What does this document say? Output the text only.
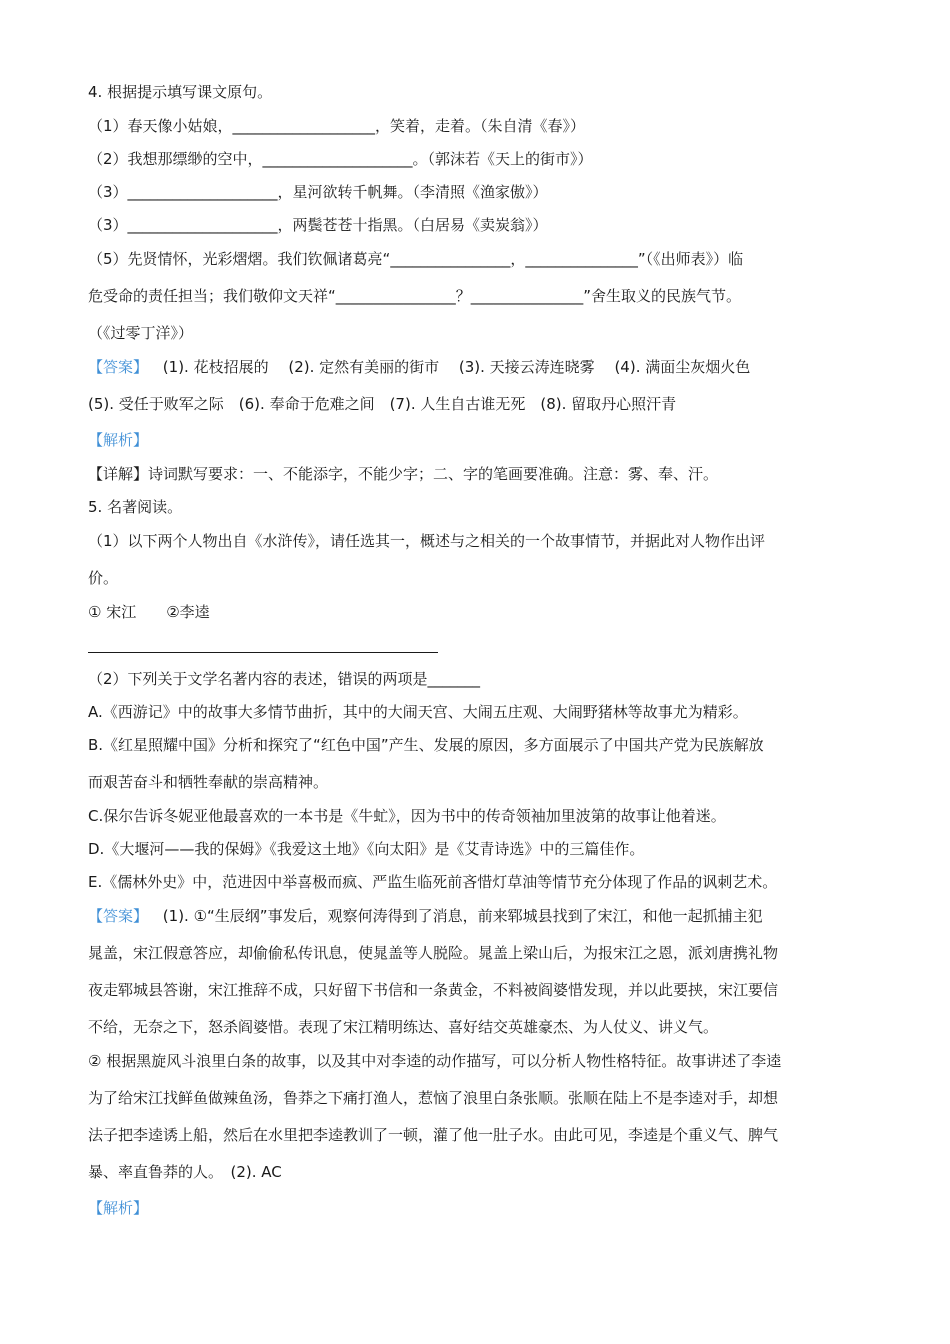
4. 根据提示填写课文原句。
（1）春天像小姑娘，___________________，笑着，走着。（朱自清《春》）
（2）我想那缥缈的空中，____________________。（郭沫若《天上的街市》）
（3）____________________，星河欲转千帆舞。（李清照《渔家傲》）
（3）____________________，两鬓苍苍十指黑。（白居易《卖炭翁》）
（5）先贤情怀，光彩熠熠。我们钦佩诸葛亮“________________，_______________”（《出师表》）临
危受命的责任担当；我们敬仰文天祥“________________？_______________”舍生取义的民族气节。
（《过零丁洋》）
【答案】 (1). 花枝招展的　 (2). 定然有美丽的街市　 (3). 天接云涛连晓雾　 (4). 满面尘灰烟火色
(5). 受任于败军之际　(6). 奉命于危难之间　(7). 人生自古谁无死　(8). 留取丹心照汗青
【解析】
【详解】诗词默写要求：一、不能添字，不能少字；二、字的笔画要准确。注意：雾、奉、汗。
5. 名著阅读。
（1）以下两个人物出自《水浒传》，请任选其一，概述与之相关的一个故事情节，并据此对人物作出评
价。
① 宋江　　②李逵
（2）下列关于文学名著内容的表述，错误的两项是_______
A.《西游记》中的故事大多情节曲折，其中的大闹天宫、大闹五庄观、大闹野猪林等故事尤为精彩。
B.《红星照耀中国》分析和探究了“红色中国”产生、发展的原因，多方面展示了中国共产党为民族解放
而艰苦奋斗和牺牲奉献的崇高精神。
C.保尔告诉冬妮亚他最喜欢的一本书是《牛虻》，因为书中的传奇领袖加里波第的故事让他着迷。
D.《大堰河——我的保姆》《我爱这土地》《向太阳》是《艾青诗选》中的三篇佳作。
E.《儒林外史》中，范进因中举喜极而疯、严监生临死前吝惜灯草油等情节充分体现了作品的讽刺艺术。
【答案】 (1). ①“生辰纲”事发后，观察何涛得到了消息，前来郓城县找到了宋江，和他一起抓捕主犯
晁盖，宋江假意答应，却偷偷私传讯息，使晁盖等人脱险。晁盖上梁山后，为报宋江之恩，派刘唐携礼物
夜走郓城县答谢，宋江推辞不成，只好留下书信和一条黄金，不料被阎婆惜发现，并以此要挟，宋江要信
不给，无奈之下，怒杀阎婆惜。表现了宋江精明练达、喜好结交英雄豪杰、为人仗义、讲义气。
② 根据黑旋风斗浪里白条的故事，以及其中对李逵的动作描写，可以分析人物性格特征。故事讲述了李逵
为了给宋江找鲜鱼做辣鱼汤，鲁莽之下痛打渔人，惹恼了浪里白条张顺。张顺在陆上不是李逵对手，却想
法子把李逵诱上船，然后在水里把李逵教训了一顿，灌了他一肚子水。由此可见，李逵是个重义气、脾气
暴、率直鲁莽的人。　(2). AC
【解析】
